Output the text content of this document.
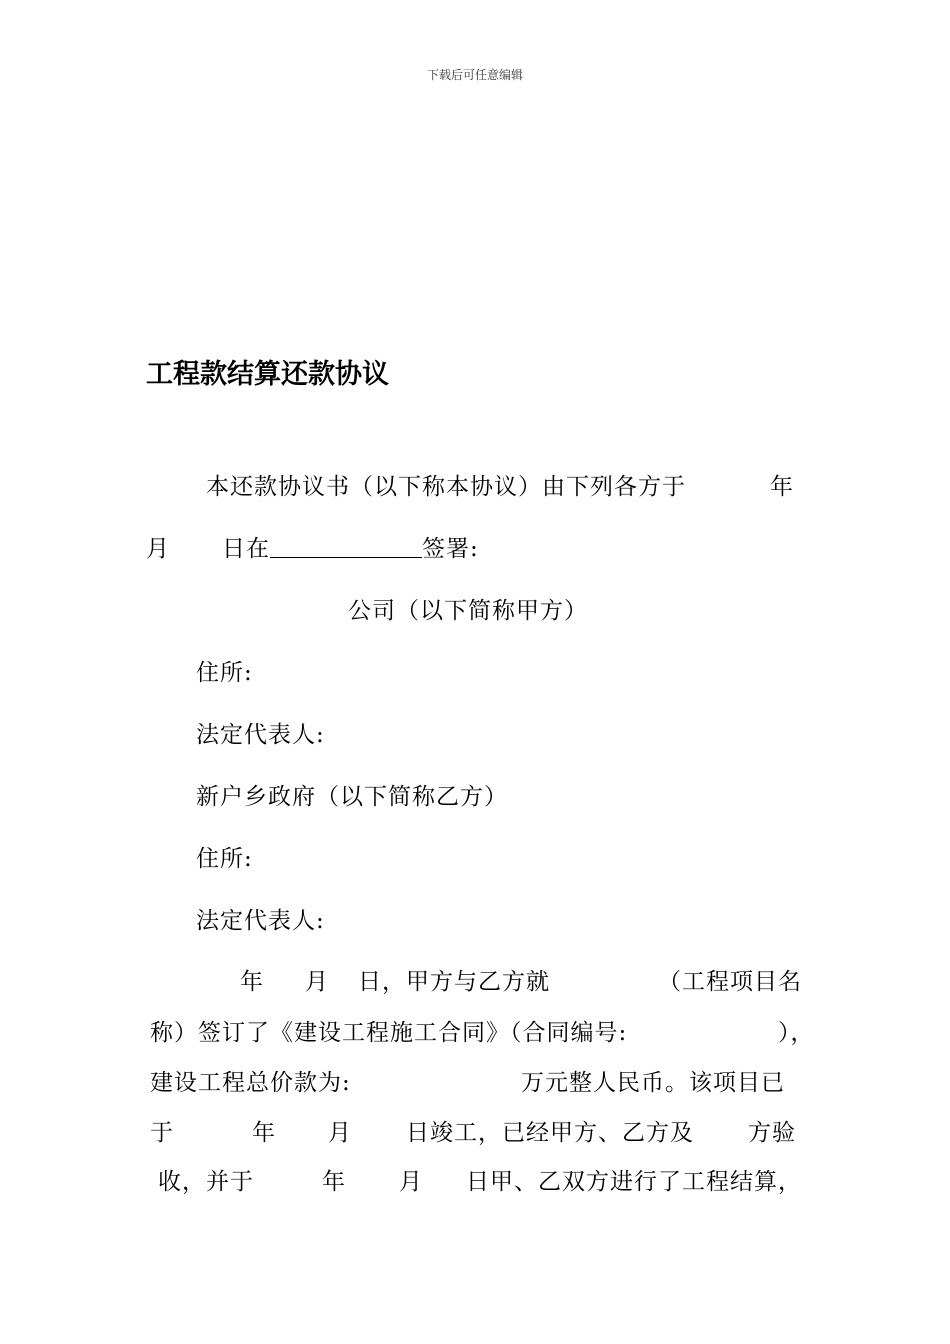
下载后可任意编辑
工程款结算还款协议
本还款协议书（以下称本协议）由下列各方于	年
月 日在	签署:
公司（以下简称甲方）
住所:
法定代表人:
新户乡政府（以下简称乙方）
住所:
法定代表人:
年 月 日，甲方与乙方就	（工程项目名
称）签订了《建设工程施工合同》（合同编号:	），
建设工程总价款为:	万元整人民币。该项目已
于	年 月 日竣工，已经甲方、乙方及 方验
收，并于	年 月 日甲、乙双方进行了工程结算，
